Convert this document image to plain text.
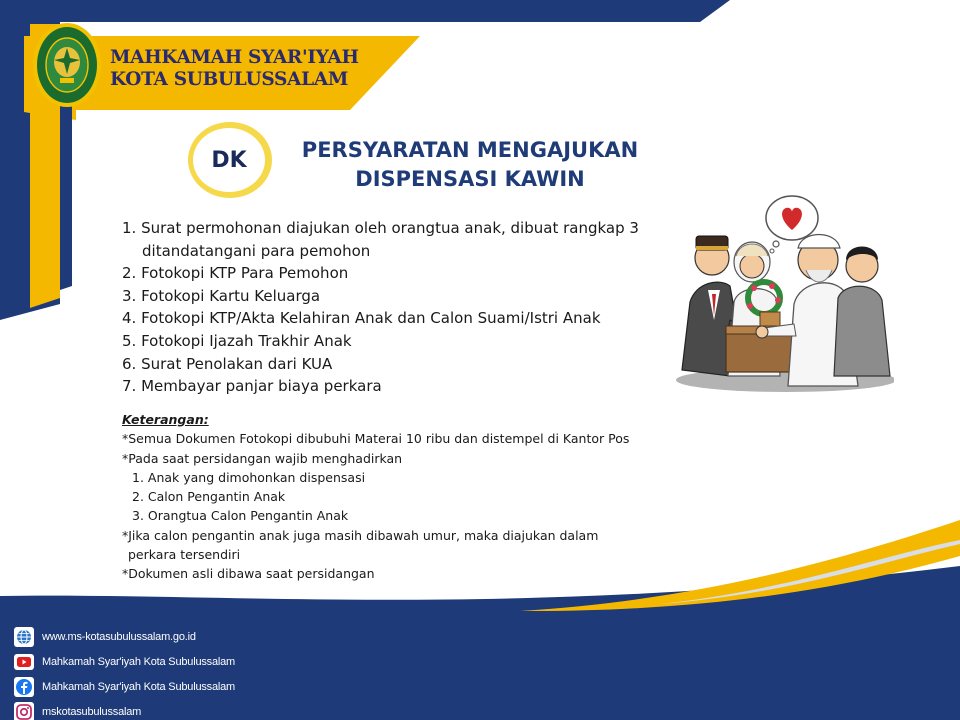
MAHKAMAH SYAR'IYAH
KOTA SUBULUSSALAM
DK	PERSYARATAN MENGAJUKAN
DISPENSASI KAWIN
1. Surat permohonan diajukan oleh orangtua anak, dibuat rangkap 3
ditandatangani para pemohon
2. Fotokopi KTP Para Pemohon
3. Fotokopi Kartu Keluarga
4. Fotokopi KTP/Akta Kelahiran Anak dan Calon Suami/Istri Anak
5. Fotokopi Ijazah Trakhir Anak
6. Surat Penolakan dari KUA
7. Membayar panjar biaya perkara
Keterangan:
*Semua Dokumen Fotokopi dibubuhi Materai 10 ribu dan distempel di Kantor Pos
*Pada saat persidangan wajib menghadirkan
1. Anak yang dimohonkan dispensasi
2. Calon Pengantin Anak
3. Orangtua Calon Pengantin Anak
*Jika calon pengantin anak juga masih dibawah umur, maka diajukan dalam
perkara tersendiri
*Dokumen asli dibawa saat persidangan
www.ms-kotasubulussalam.go.id
Mahkamah Syar'iyah Kota Subulussalam
Mahkamah Syar'iyah Kota Subulussalam
mskotasubulussalam
